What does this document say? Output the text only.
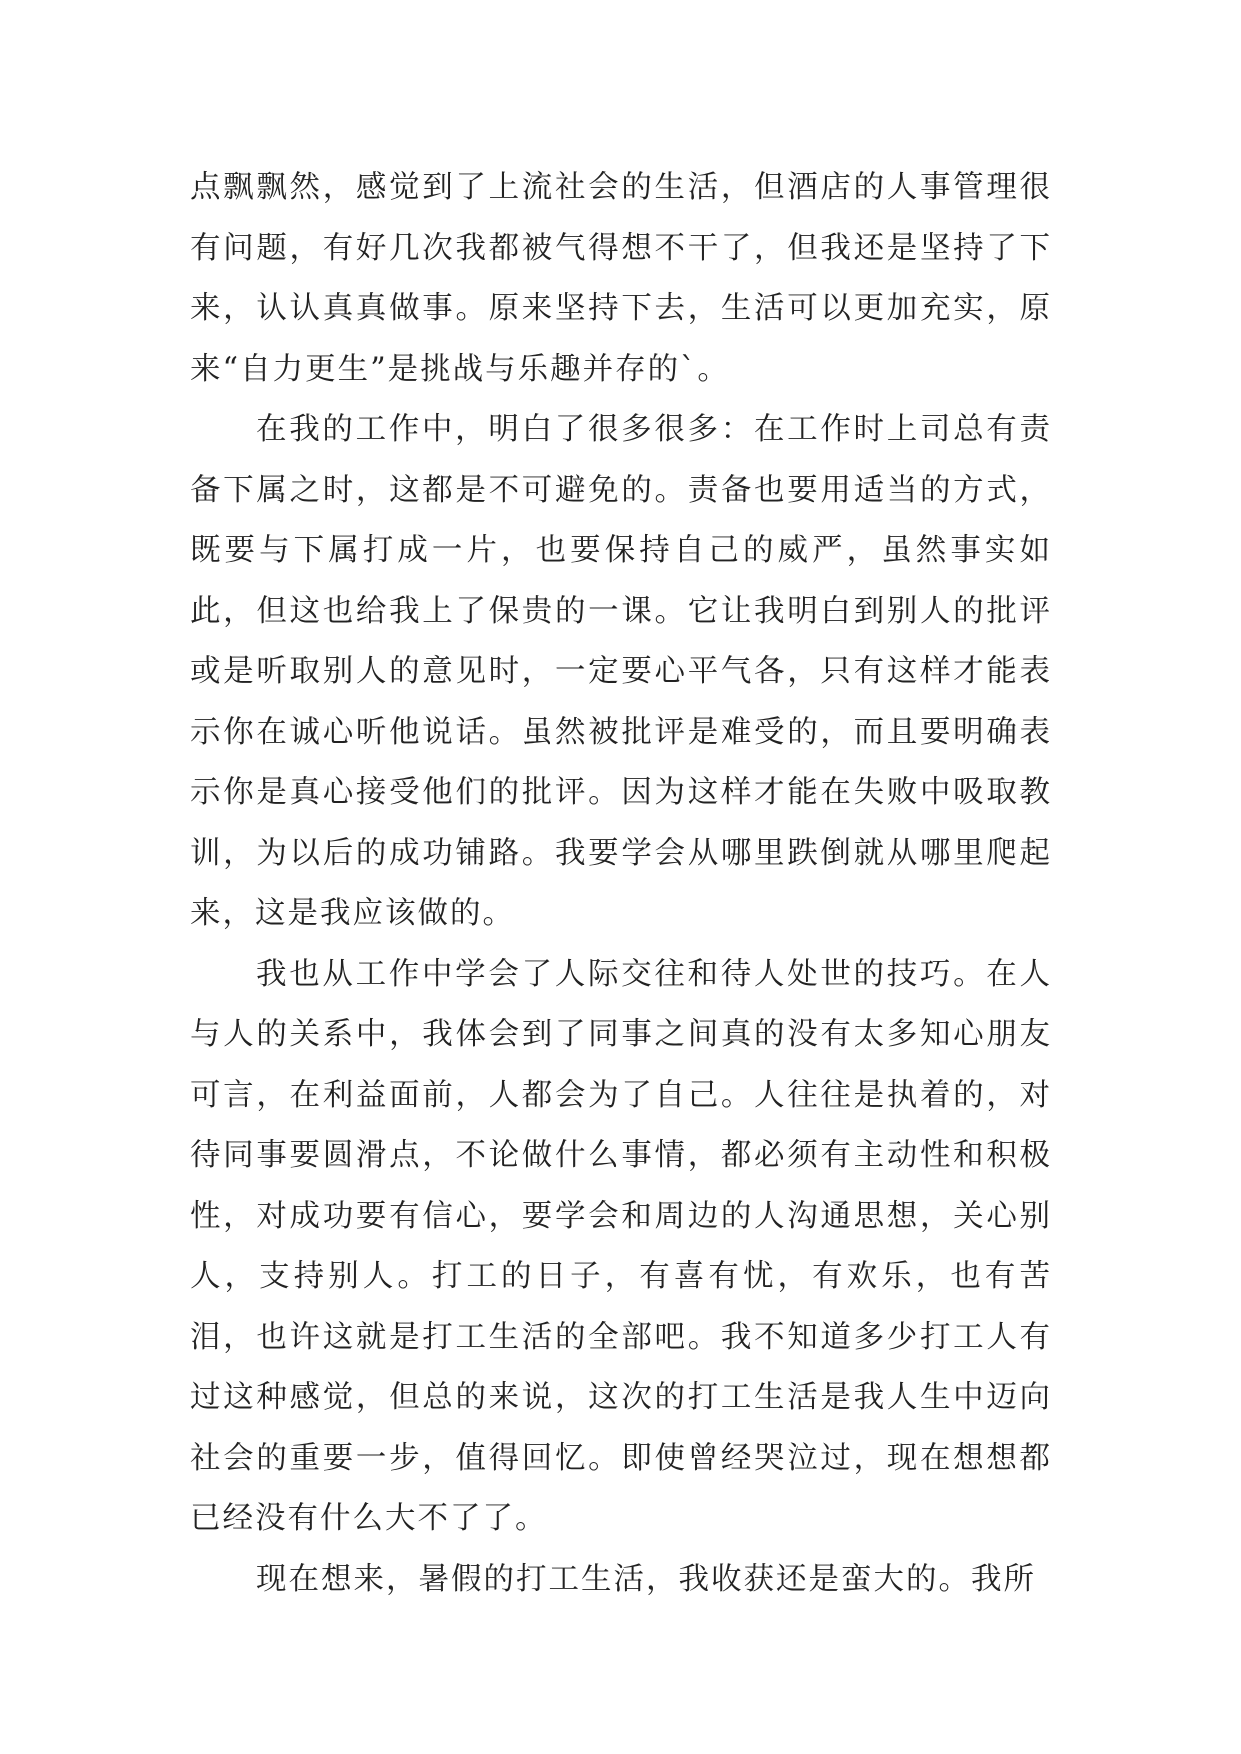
点飘飘然，感觉到了上流社会的生活，但酒店的人事管理很有问题，有好几次我都被气得想不干了，但我还是坚持了下来，认认真真做事。原来坚持下去，生活可以更加充实，原来“自力更生”是挑战与乐趣并存的`。

在我的工作中，明白了很多很多：在工作时上司总有责备下属之时，这都是不可避免的。责备也要用适当的方式，既要与下属打成一片，也要保持自己的威严，虽然事实如此，但这也给我上了保贵的一课。它让我明白到别人的批评或是听取别人的意见时，一定要心平气各，只有这样才能表示你在诚心听他说话。虽然被批评是难受的，而且要明确表示你是真心接受他们的批评。因为这样才能在失败中吸取教训，为以后的成功铺路。我要学会从哪里跌倒就从哪里爬起来，这是我应该做的。

我也从工作中学会了人际交往和待人处世的技巧。在人与人的关系中，我体会到了同事之间真的没有太多知心朋友可言，在利益面前，人都会为了自己。人往往是执着的，对待同事要圆滑点，不论做什么事情，都必须有主动性和积极性，对成功要有信心，要学会和周边的人沟通思想，关心别人，支持别人。打工的日子，有喜有忧，有欢乐，也有苦泪，也许这就是打工生活的全部吧。我不知道多少打工人有过这种感觉，但总的来说，这次的打工生活是我人生中迈向社会的重要一步，值得回忆。即使曾经哭泣过，现在想想都已经没有什么大不了了。

现在想来，暑假的打工生活，我收获还是蛮大的。我所
